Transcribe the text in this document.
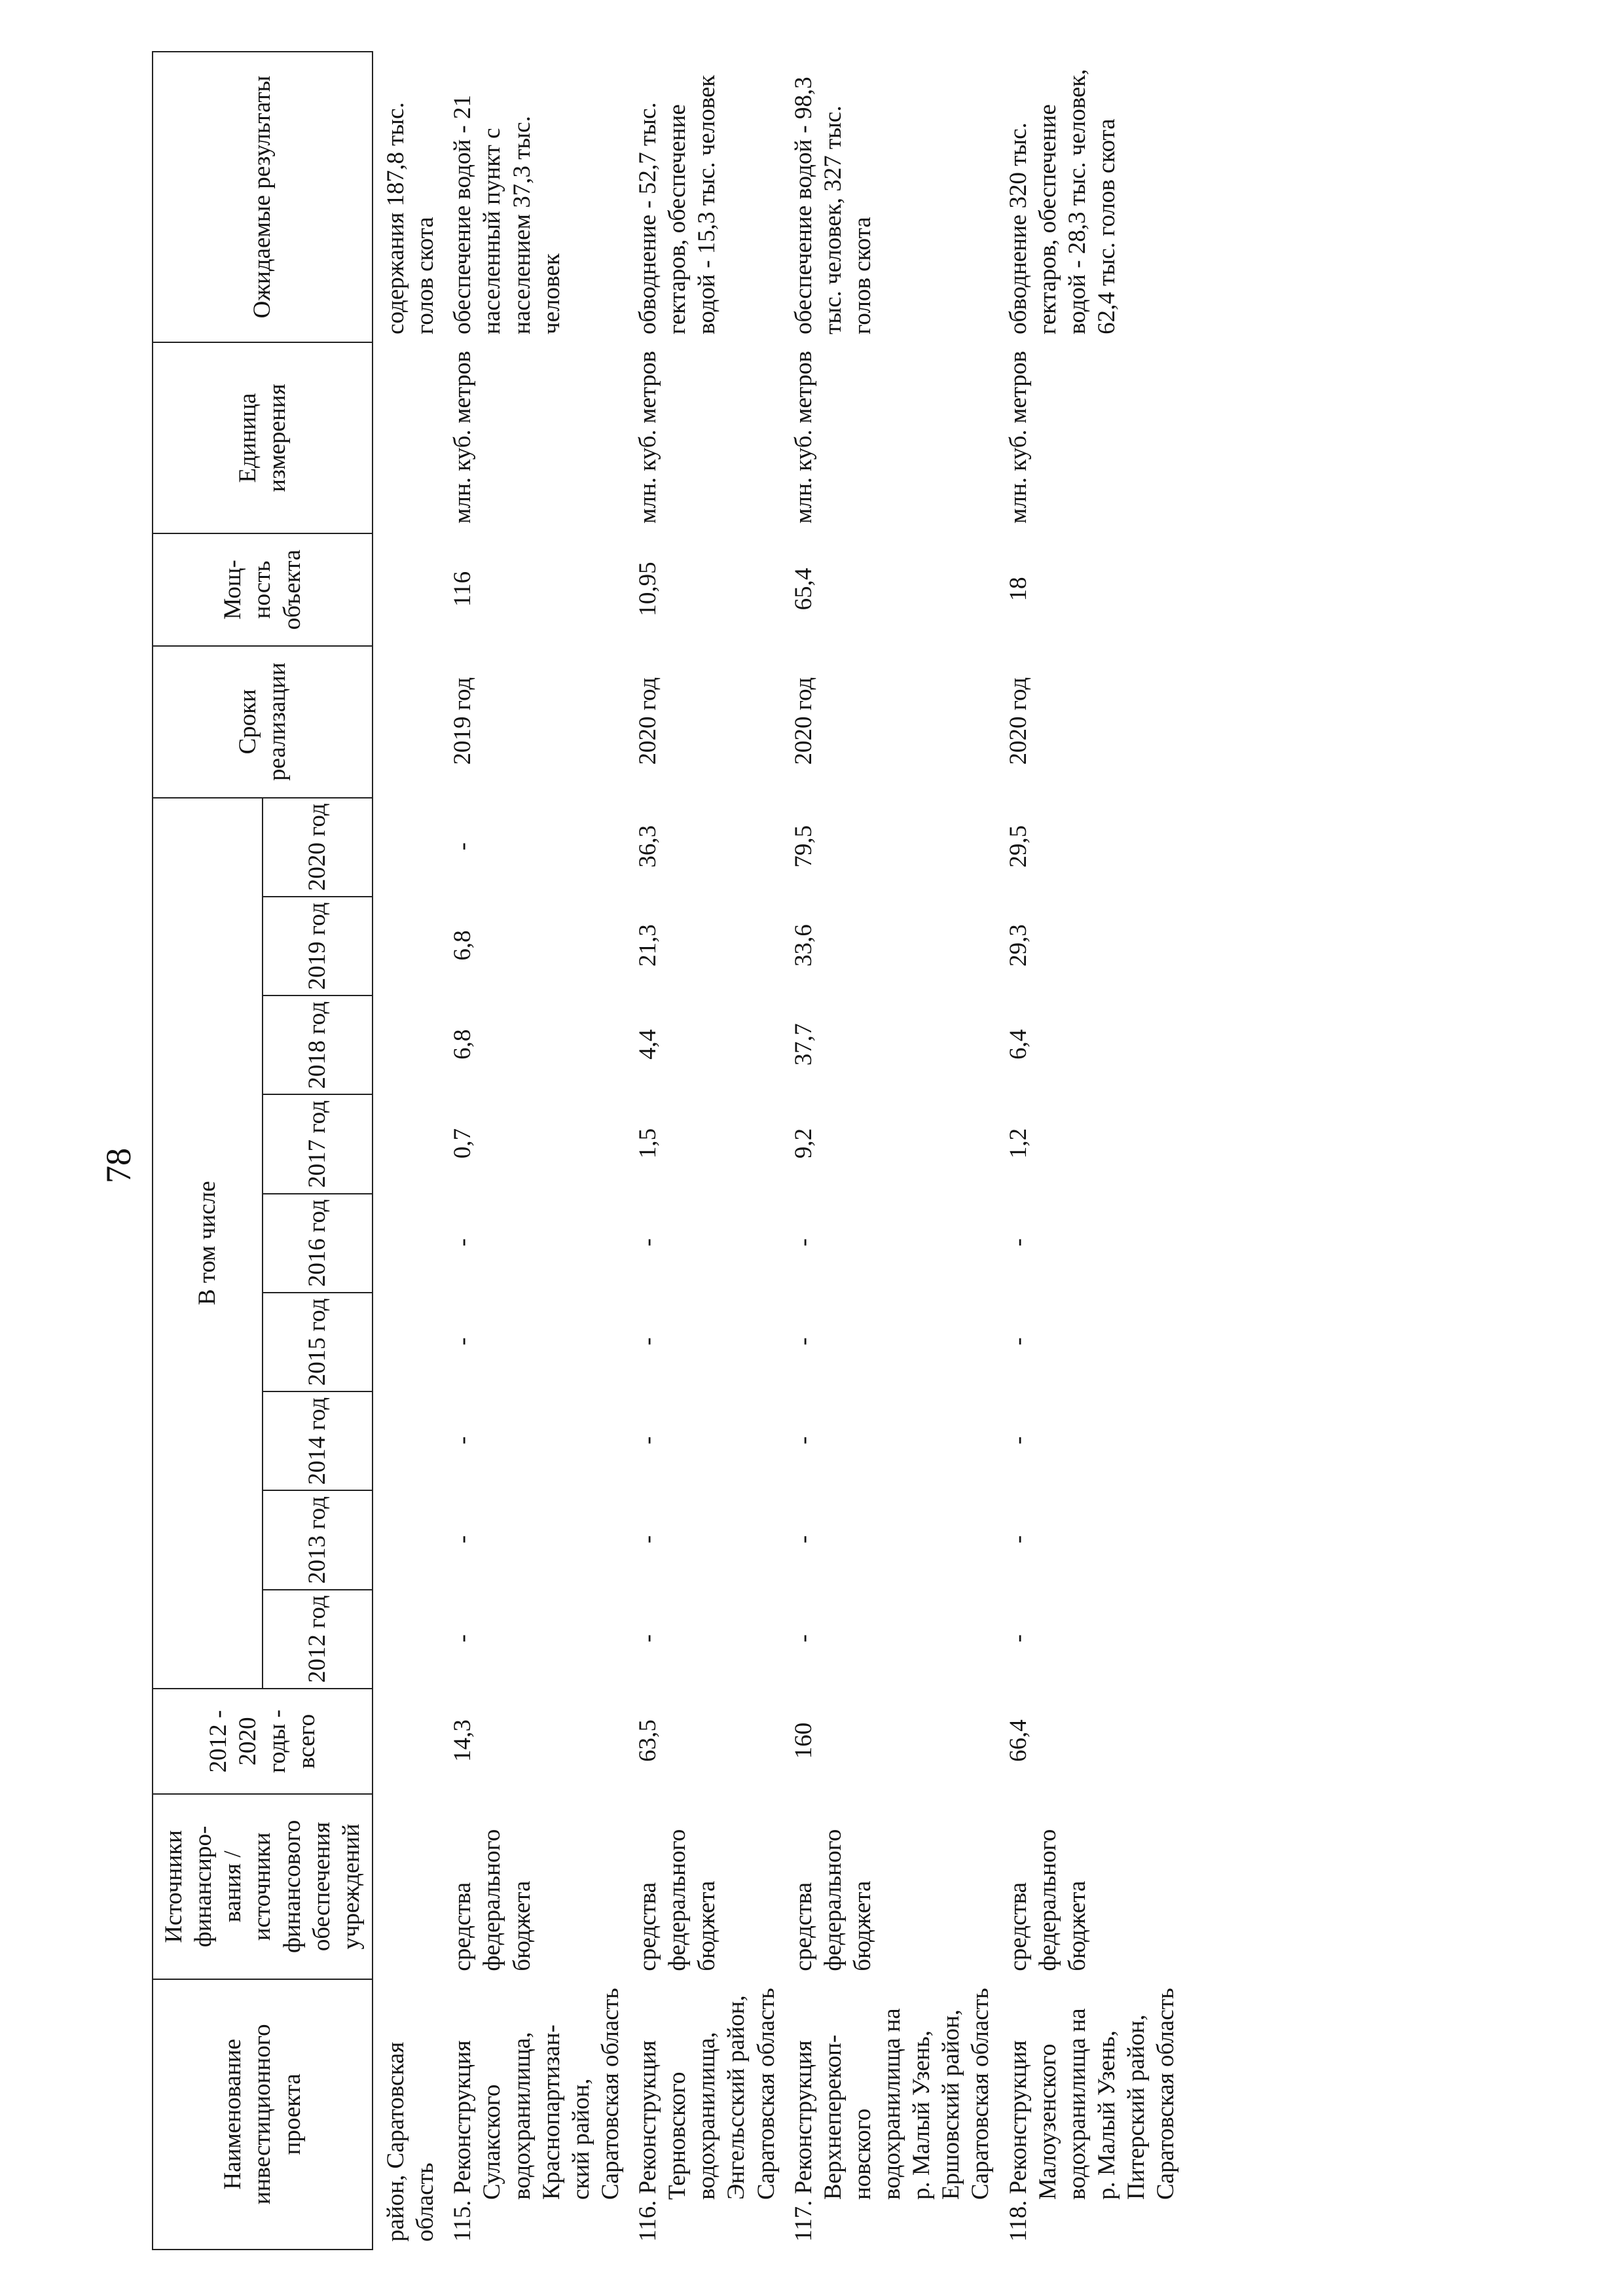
78
Наименование инвестиционного проекта	Источники финансиро-вания / источники финансового обеспечения учреждений	2012 - 2020 годы - всего	В том числе									Сроки реализации	Мощ-ность объекта	Единица измерения	Ожидаемые результаты
			2012 год	2013 год	2014 год	2015 год	2016 год	2017 год	2018 год	2019 год	2020 год				
район, Саратовская область															содержания 187,8 тыс. голов скота

115. Реконструкция Сулакского водохранилища, Краснопартизан-ский район, Саратовская область	средства федерального бюджета	14,3	-	-	-	-	-	0,7	6,8	6,8	-	2019 год	116	млн. куб. метров	обеспечение водой - 21 населенный пункт с населением 37,3 тыс. человек

116. Реконструкция Терновского водохранилища, Энгельсский район, Саратовская область	средства федерального бюджета	63,5	-	-	-	-	-	1,5	4,4	21,3	36,3	2020 год	10,95	млн. куб. метров	обводнение - 52,7 тыс. гектаров, обеспечение водой - 15,3 тыс. человек

117. Реконструкция Верхнеперекоп-новского водохранилища на р. Малый Узень, Ершовский район, Саратовская область	средства федерального бюджета	160	-	-	-	-	-	9,2	37,7	33,6	79,5	2020 год	65,4	млн. куб. метров	обеспечение водой - 98,3 тыс. человек, 327 тыс. голов скота

118. Реконструкция Малоузенского водохранилища на р. Малый Узень, Питерский район, Саратовская область	средства федерального бюджета	66,4	-	-	-	-	-	1,2	6,4	29,3	29,5	2020 год	18	млн. куб. метров	обводнение 320 тыс. гектаров, обеспечение водой - 28,3 тыс. человек, 62,4 тыс. голов скота
